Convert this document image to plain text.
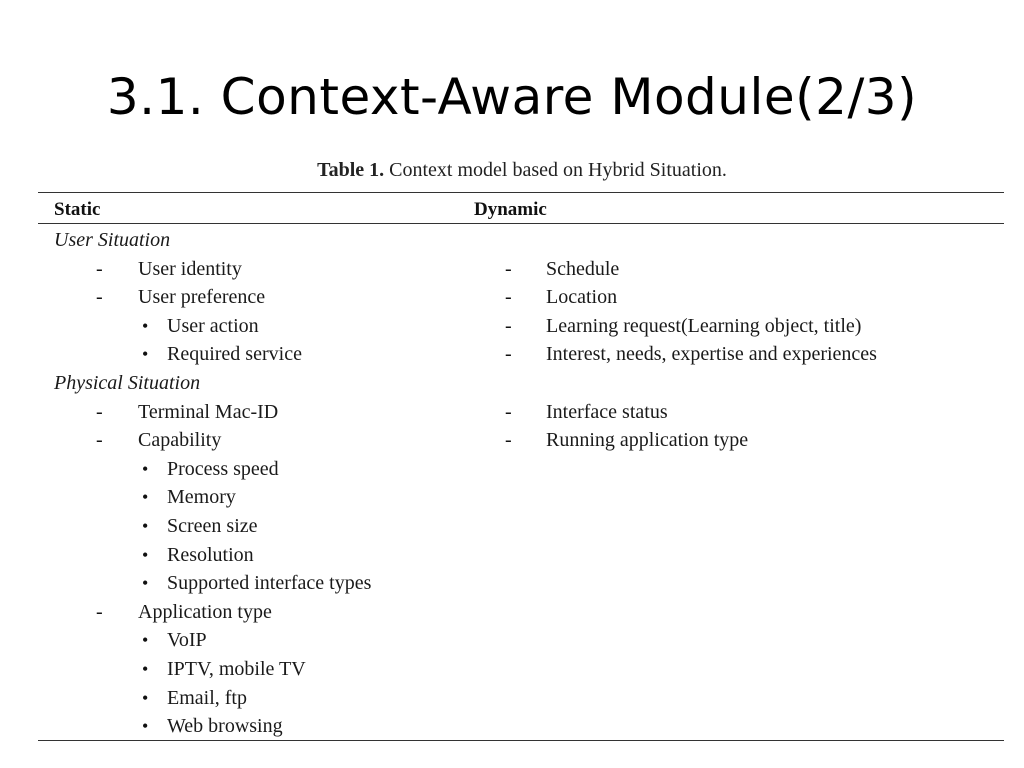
3.1. Context-Aware Module(2/3)
Table 1. Context model based on Hybrid Situation.
Static	Dynamic
User Situation
- User identity
- User preference
• User action
• Required service
- Schedule
- Location
- Learning request(Learning object, title)
- Interest, needs, expertise and experiences
Physical Situation
- Terminal Mac-ID
- Capability
• Process speed
• Memory
• Screen size
• Resolution
• Supported interface types
- Application type
• VoIP
• IPTV, mobile TV
• Email, ftp
• Web browsing
- Interface status
- Running application type
